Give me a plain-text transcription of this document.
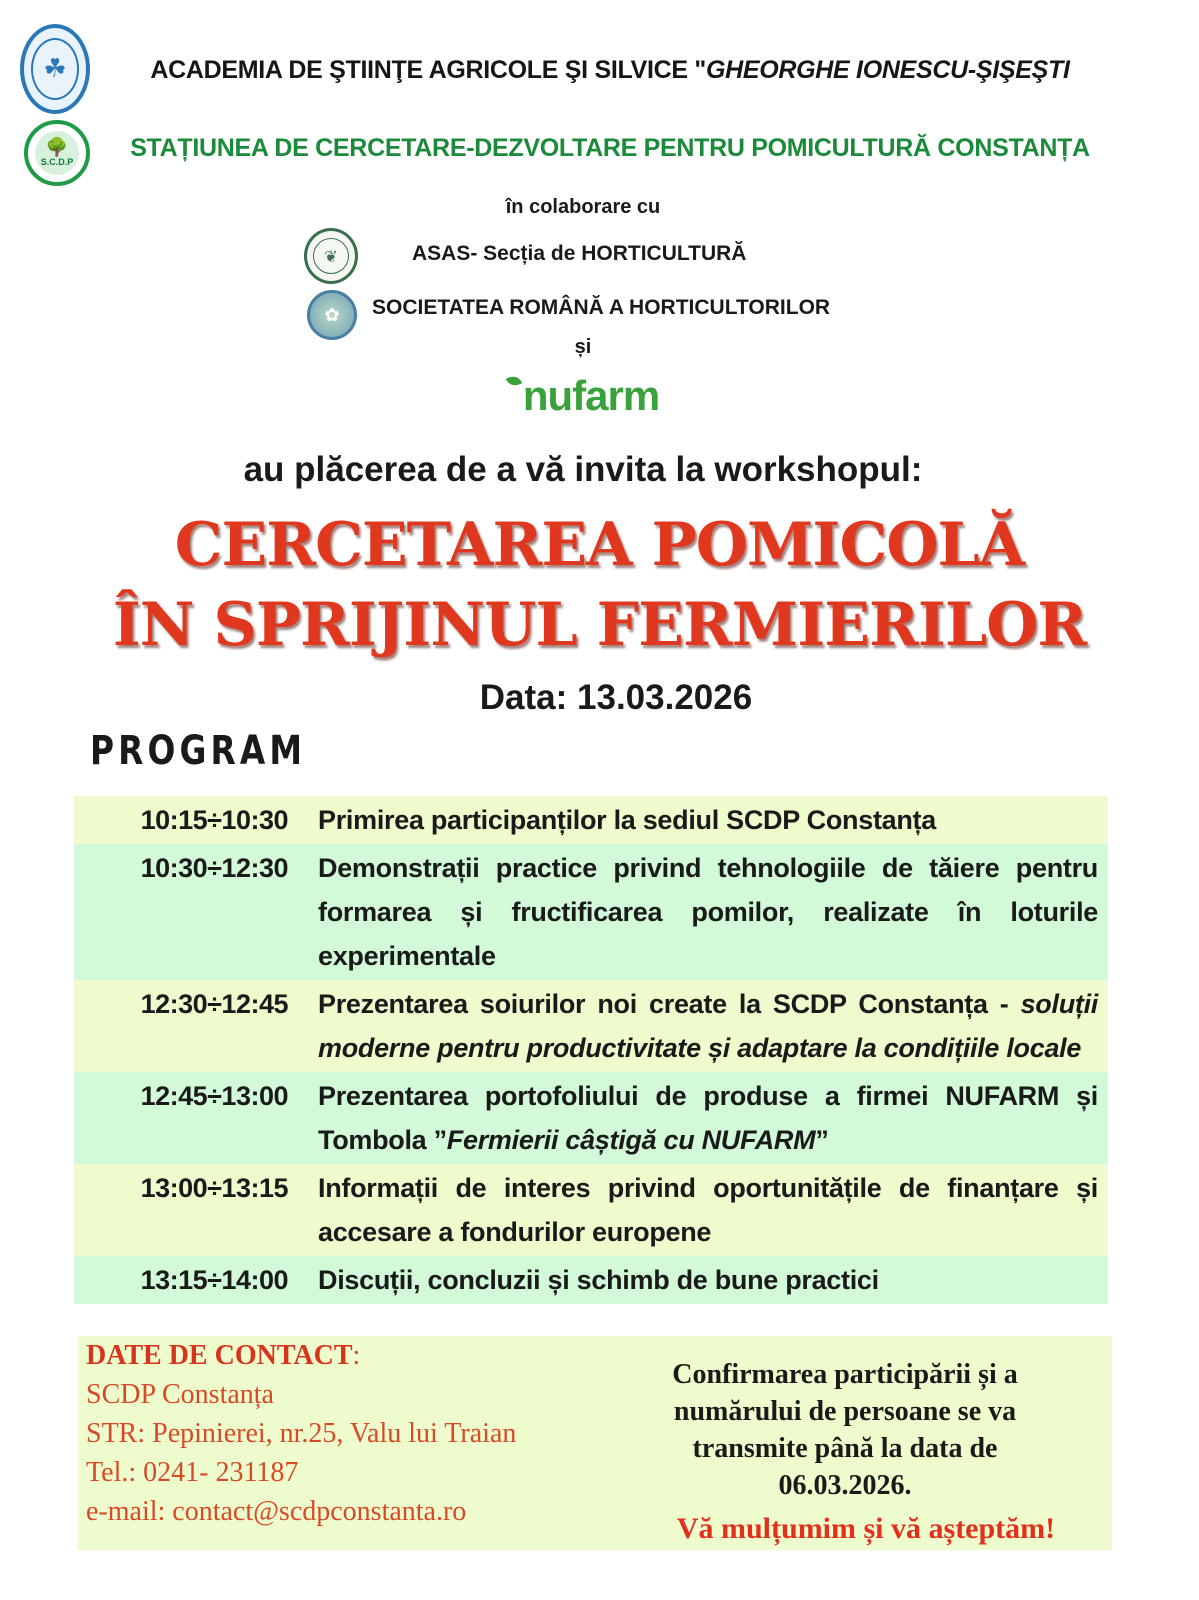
☘
🌳
S.C.D.P
❦
✿
ACADEMIA DE ŞTIINŢE AGRICOLE ŞI SILVICE "GHEORGHE IONESCU-ŞIŞEŞTI
STAȚIUNEA DE CERCETARE-DEZVOLTARE PENTRU POMICULTURĂ CONSTANȚA
în colaborare cu
ASAS- Secția de HORTICULTURĂ
SOCIETATEA ROMÂNĂ A HORTICULTORILOR
și
nufarm
au plăcerea de a vă invita la workshopul:
CERCETAREA POMICOLĂ
ÎN SPRIJINUL FERMIERILOR
Data: 13.03.2026
PROGRAM
10:15÷10:30	Primirea participanților la sediul SCDP Constanța
10:30÷12:30	Demonstrații practice privind tehnologiile de tăiere pentru formarea și fructificarea pomilor, realizate în loturile experimentale
12:30÷12:45	Prezentarea soiurilor noi create la SCDP Constanța - soluții moderne pentru productivitate și adaptare la condițiile locale
12:45÷13:00	Prezentarea portofoliului de produse a firmei NUFARM și Tombola ”Fermierii câștigă cu NUFARM”
13:00÷13:15	Informații de interes privind oportunitățile de finanțare și accesare a fondurilor europene
13:15÷14:00	Discuții, concluzii și schimb de bune practici
DATE DE CONTACT:
SCDP Constanța
STR: Pepinierei, nr.25, Valu lui Traian
Tel.: 0241- 231187
e-mail: contact@scdpconstanta.ro
Confirmarea participării și a
numărului de persoane se va
transmite până la data de
06.03.2026.
Vă mulțumim și vă așteptăm!
